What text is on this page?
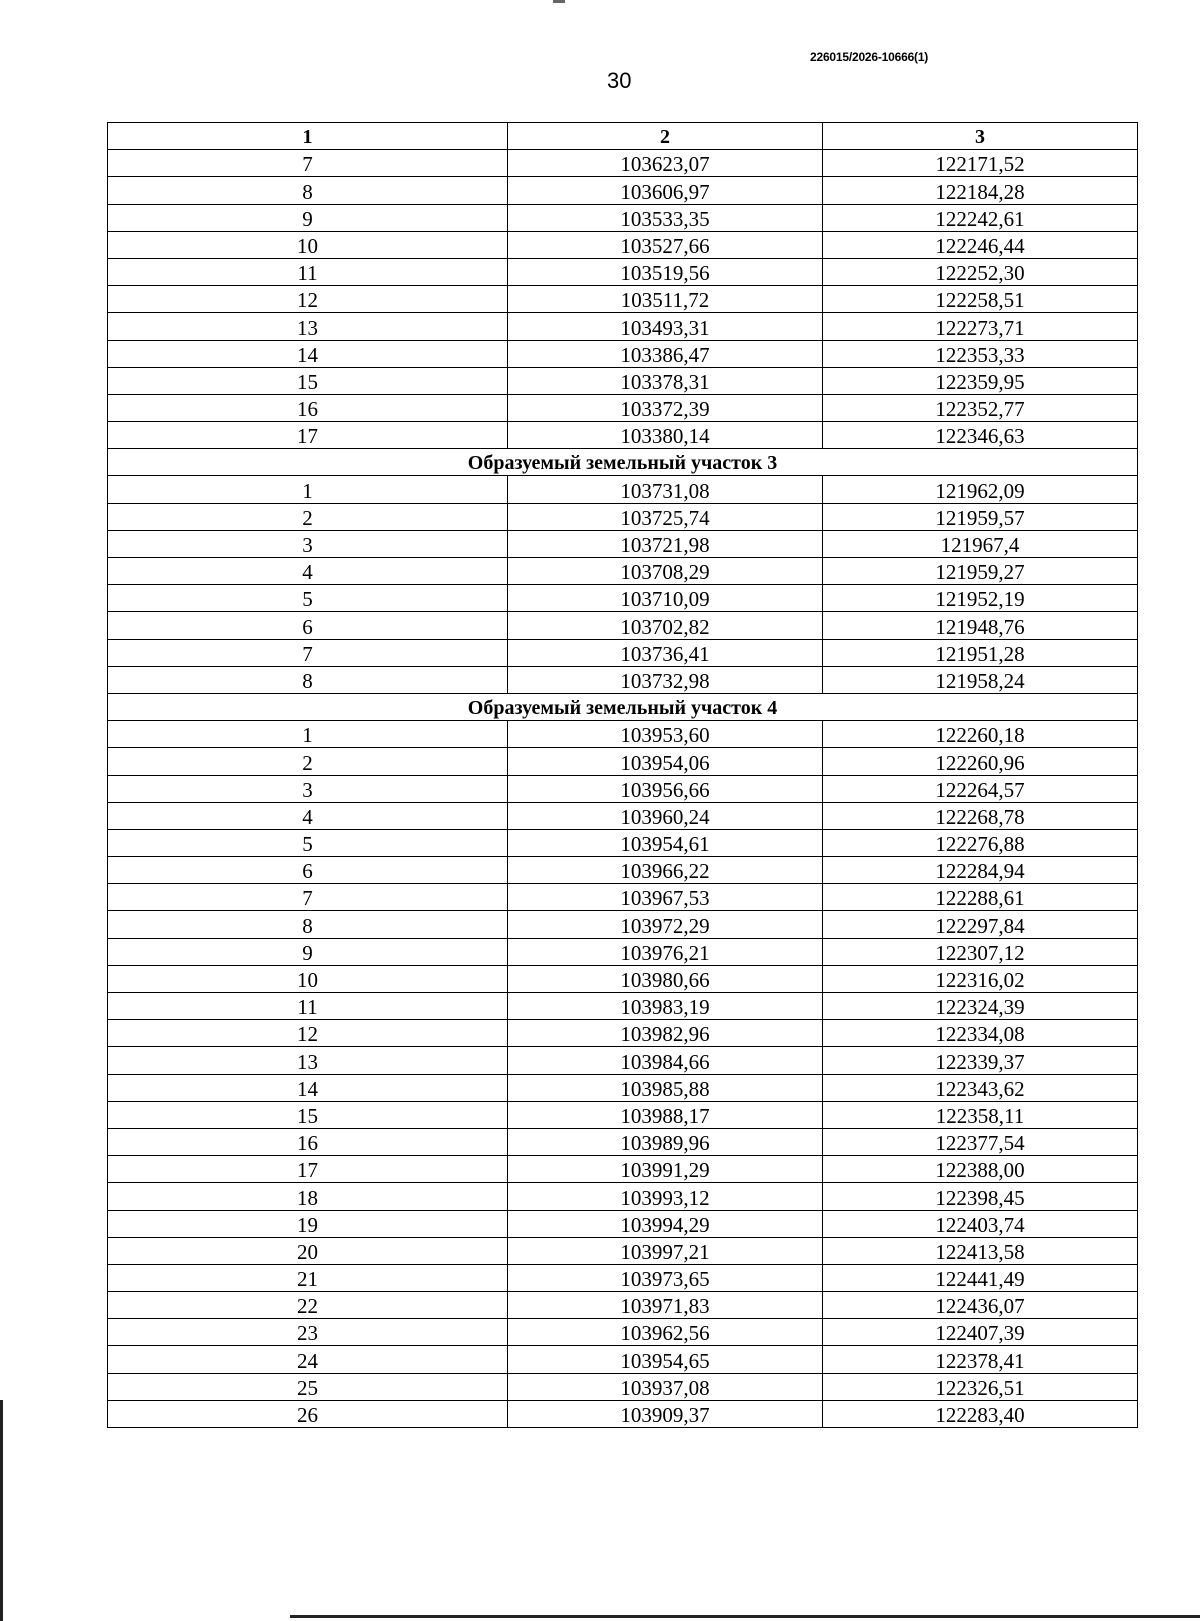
226015/2026-10666(1)
30
1	2	3
7	103623,07	122171,52
8	103606,97	122184,28
9	103533,35	122242,61
10	103527,66	122246,44
11	103519,56	122252,30
12	103511,72	122258,51
13	103493,31	122273,71
14	103386,47	122353,33
15	103378,31	122359,95
16	103372,39	122352,77
17	103380,14	122346,63
Образуемый земельный участок 3		
1	103731,08	121962,09
2	103725,74	121959,57
3	103721,98	121967,4
4	103708,29	121959,27
5	103710,09	121952,19
6	103702,82	121948,76
7	103736,41	121951,28
8	103732,98	121958,24
Образуемый земельный участок 4		
1	103953,60	122260,18
2	103954,06	122260,96
3	103956,66	122264,57
4	103960,24	122268,78
5	103954,61	122276,88
6	103966,22	122284,94
7	103967,53	122288,61
8	103972,29	122297,84
9	103976,21	122307,12
10	103980,66	122316,02
11	103983,19	122324,39
12	103982,96	122334,08
13	103984,66	122339,37
14	103985,88	122343,62
15	103988,17	122358,11
16	103989,96	122377,54
17	103991,29	122388,00
18	103993,12	122398,45
19	103994,29	122403,74
20	103997,21	122413,58
21	103973,65	122441,49
22	103971,83	122436,07
23	103962,56	122407,39
24	103954,65	122378,41
25	103937,08	122326,51
26	103909,37	122283,40
